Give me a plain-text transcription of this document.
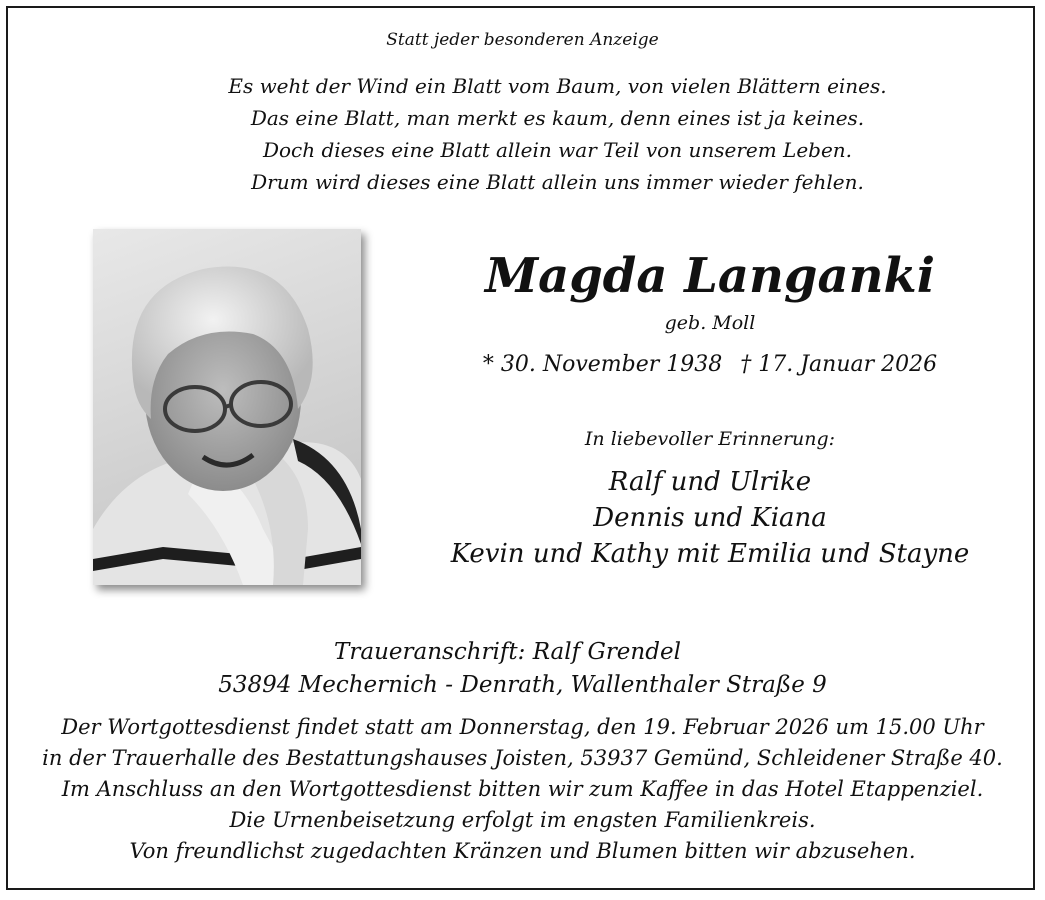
Statt jeder besonderen Anzeige
Es weht der Wind ein Blatt vom Baum, von vielen Blättern eines.
Das eine Blatt, man merkt es kaum, denn eines ist ja keines.
Doch dieses eine Blatt allein war Teil von unserem Leben.
Drum wird dieses eine Blatt allein uns immer wieder fehlen.
Magda Langanki
geb. Moll
* 30. November 1938 † 17. Januar 2026
In liebevoller Erinnerung:
Ralf und Ulrike
Dennis und Kiana
Kevin und Kathy mit Emilia und Stayne
Traueranschrift: Ralf Grendel
53894 Mechernich - Denrath, Wallenthaler Straße 9
Der Wortgottesdienst findet statt am Donnerstag, den 19. Februar 2026 um 15.00 Uhr
in der Trauerhalle des Bestattungshauses Joisten, 53937 Gemünd, Schleidener Straße 40.
Im Anschluss an den Wortgottesdienst bitten wir zum Kaffee in das Hotel Etappenziel.
Die Urnenbeisetzung erfolgt im engsten Familienkreis.
Von freundlichst zugedachten Kränzen und Blumen bitten wir abzusehen.
